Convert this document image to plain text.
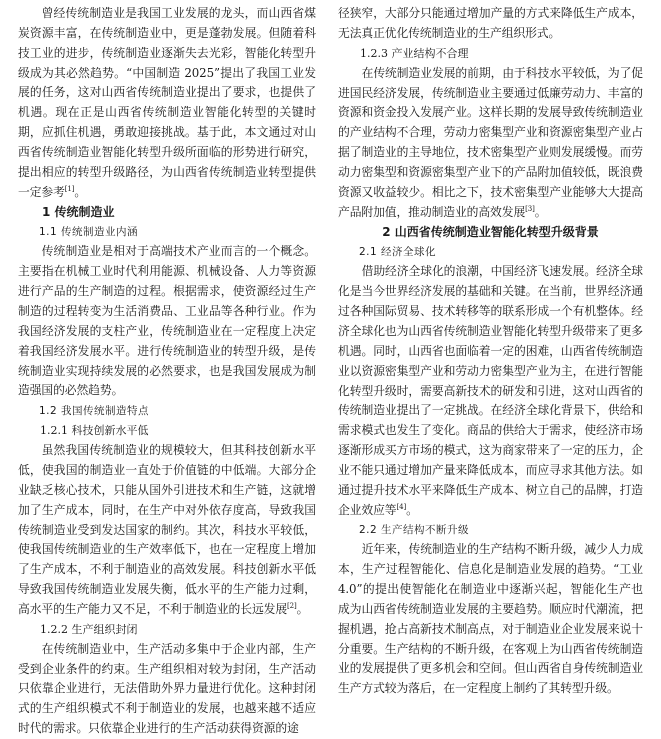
曾经传统制造业是我国工业发展的龙头，而山西省煤炭资源丰富，在传统制造业中，更是蓬勃发展。但随着科技工业的进步，传统制造业逐渐失去光彩，智能化转型升级成为其必然趋势。“中国制造 2025”提出了我国工业发展的任务，这对山西省传统制造业提出了要求，也提供了机遇。现在正是山西省传统制造业智能化转型的关键时期，应抓住机遇，勇敢迎接挑战。基于此，本文通过对山西省传统制造业智能化转型升级所面临的形势进行研究，提出相应的转型升级路径，为山西省传统制造业转型提供一定参考[1]。

1 传统制造业
1.1 传统制造业内涵

传统制造业是相对于高端技术产业而言的一个概念。主要指在机械工业时代利用能源、机械设备、人力等资源进行产品的生产制造的过程。根据需求，使资源经过生产制造的过程转变为生活消费品、工业品等各种行业。作为我国经济发展的支柱产业，传统制造业在一定程度上决定着我国经济发展水平。进行传统制造业的转型升级，是传统制造业实现持续发展的必然要求，也是我国发展成为制造强国的必然趋势。

1.2 我国传统制造特点
1.2.1 科技创新水平低

虽然我国传统制造业的规模较大，但其科技创新水平低，使我国的制造业一直处于价值链的中低端。大部分企业缺乏核心技术，只能从国外引进技术和生产链，这就增加了生产成本，同时，在生产中对外依存度高，导致我国传统制造业受到发达国家的制约。其次，科技水平较低，使我国传统制造业的生产效率低下，也在一定程度上增加了生产成本，不利于制造业的高效发展。科技创新水平低导致我国传统制造业发展失衡，低水平的生产能力过剩，高水平的生产能力又不足，不利于制造业的长远发展[2]。

1.2.2 生产组织封闭

在传统制造业中，生产活动多集中于企业内部，生产受到企业条件的约束。生产组织相对较为封闭，生产活动只依靠企业进行，无法借助外界力量进行优化。这种封闭式的生产组织模式不利于制造业的发展，也越来越不适应时代的需求。只依靠企业进行的生产活动获得资源的途

径狭窄，大部分只能通过增加产量的方式来降低生产成本，无法真正优化传统制造业的生产组织形式。

1.2.3 产业结构不合理

在传统制造业发展的前期，由于科技水平较低，为了促进国民经济发展，传统制造业主要通过低廉劳动力、丰富的资源和资金投入发展产业。这样长期的发展导致传统制造业的产业结构不合理，劳动力密集型产业和资源密集型产业占据了制造业的主导地位，技术密集型产业则发展缓慢。而劳动力密集型和资源密集型产业下的产品附加值较低，既浪费资源又收益较少。相比之下，技术密集型产业能够大大提高产品附加值，推动制造业的高效发展[3]。

2 山西省传统制造业智能化转型升级背景
2.1 经济全球化

借助经济全球化的浪潮，中国经济飞速发展。经济全球化是当今世界经济发展的基础和关键。在当前，世界经济通过各种国际贸易、技术转移等的联系形成一个有机整体。经济全球化也为山西省传统制造业智能化转型升级带来了更多机遇。同时，山西省也面临着一定的困难，山西省传统制造业以资源密集型产业和劳动力密集型产业为主，在进行智能化转型升级时，需要高新技术的研发和引进，这对山西省的传统制造业提出了一定挑战。在经济全球化背景下，供给和需求模式也发生了变化。商品的供给大于需求，使经济市场逐渐形成买方市场的模式，这为商家带来了一定的压力，企业不能只通过增加产量来降低成本，而应寻求其他方法。如通过提升技术水平来降低生产成本、树立自己的品牌，打造企业效应等[4]。

2.2 生产结构不断升级

近年来，传统制造业的生产结构不断升级，减少人力成本，生产过程智能化、信息化是制造业发展的趋势。“工业4.0”的提出使智能化在制造业中逐渐兴起，智能化生产也成为山西省传统制造业发展的主要趋势。顺应时代潮流，把握机遇，抢占高新技术制高点，对于制造业企业发展来说十分重要。生产结构的不断升级，在客观上为山西省传统制造业的发展提供了更多机会和空间。但山西省自身传统制造业生产方式较为落后，在一定程度上制约了其转型升级。
